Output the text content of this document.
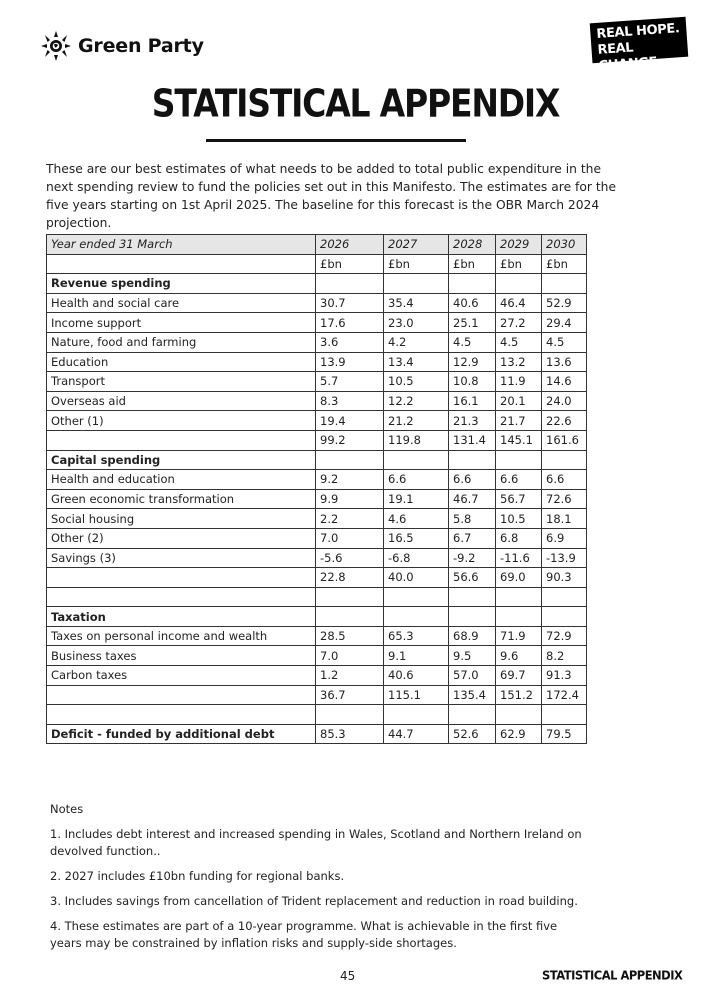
Green Party
REAL HOPE.
REAL CHANGE.
STATISTICAL APPENDIX
These are our best estimates of what needs to be added to total public expenditure in the next spending review to fund the policies set out in this Manifesto. The estimates are for the five years starting on 1st April 2025. The baseline for this forecast is the OBR March 2024 projection.
Year ended 31 March	2026	2027	2028	2029	2030
	£bn	£bn	£bn	£bn	£bn
Revenue spending					
Health and social care	30.7	35.4	40.6	46.4	52.9
Income support	17.6	23.0	25.1	27.2	29.4
Nature, food and farming	3.6	4.2	4.5	4.5	4.5
Education	13.9	13.4	12.9	13.2	13.6
Transport	5.7	10.5	10.8	11.9	14.6
Overseas aid	8.3	12.2	16.1	20.1	24.0
Other (1)	19.4	21.2	21.3	21.7	22.6
	99.2	119.8	131.4	145.1	161.6
Capital spending					
Health and education	9.2	6.6	6.6	6.6	6.6
Green economic transformation	9.9	19.1	46.7	56.7	72.6
Social housing	2.2	4.6	5.8	10.5	18.1
Other (2)	7.0	16.5	6.7	6.8	6.9
Savings (3)	-5.6	-6.8	-9.2	-11.6	-13.9
	22.8	40.0	56.6	69.0	90.3

Taxation					
Taxes on personal income and wealth	28.5	65.3	68.9	71.9	72.9
Business taxes	7.0	9.1	9.5	9.6	8.2
Carbon taxes	1.2	40.6	57.0	69.7	91.3
	36.7	115.1	135.4	151.2	172.4

Deficit - funded by additional debt	85.3	44.7	52.6	62.9	79.5
Notes
1. Includes debt interest and increased spending in Wales, Scotland and Northern Ireland on devolved function..
2. 2027 includes £10bn funding for regional banks.
3. Includes savings from cancellation of Trident replacement and reduction in road building.
4. These estimates are part of a 10-year programme. What is achievable in the first five years may be constrained by inflation risks and supply-side shortages.
45	STATISTICAL APPENDIX
